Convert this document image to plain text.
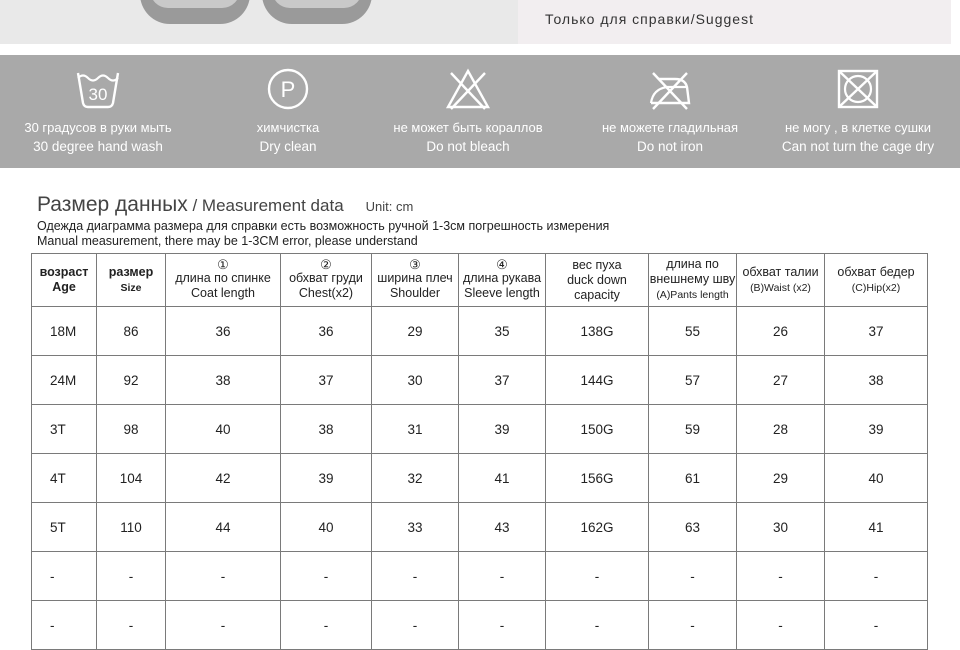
Только для справки/Suggest
30
30 градусов в руки мыть
30 degree hand wash
P
химчистка
Dry clean
не может быть кораллов
Do not bleach
не можете гладильная
Do not iron
не могу , в клетке сушки
Can not turn the cage dry
Размер данных / Measurement data Unit: cm
Одежда диаграмма размера для справки есть возможность ручной 1-3см погрешность измерения
Manual measurement, there may be 1-3CM error, please understand
возраст
Age	размер
Size	①
длина по спинке
Coat length	②
обхват груди
Chest(x2)	③
ширина плеч
Shoulder	④
длина рукава
Sleeve length	вес пуха
duck down
capacity	длина по
внешнему шву
(A)Pants length	обхват талии
(B)Waist (x2)	обхват бедер
(C)Hip(x2)
18M	86	36	36	29	35	138G	55	26	37
24M	92	38	37	30	37	144G	57	27	38
3T	98	40	38	31	39	150G	59	28	39
4T	104	42	39	32	41	156G	61	29	40
5T	110	44	40	33	43	162G	63	30	41
-	-	-	-	-	-	-	-	-	-
-	-	-	-	-	-	-	-	-	-
